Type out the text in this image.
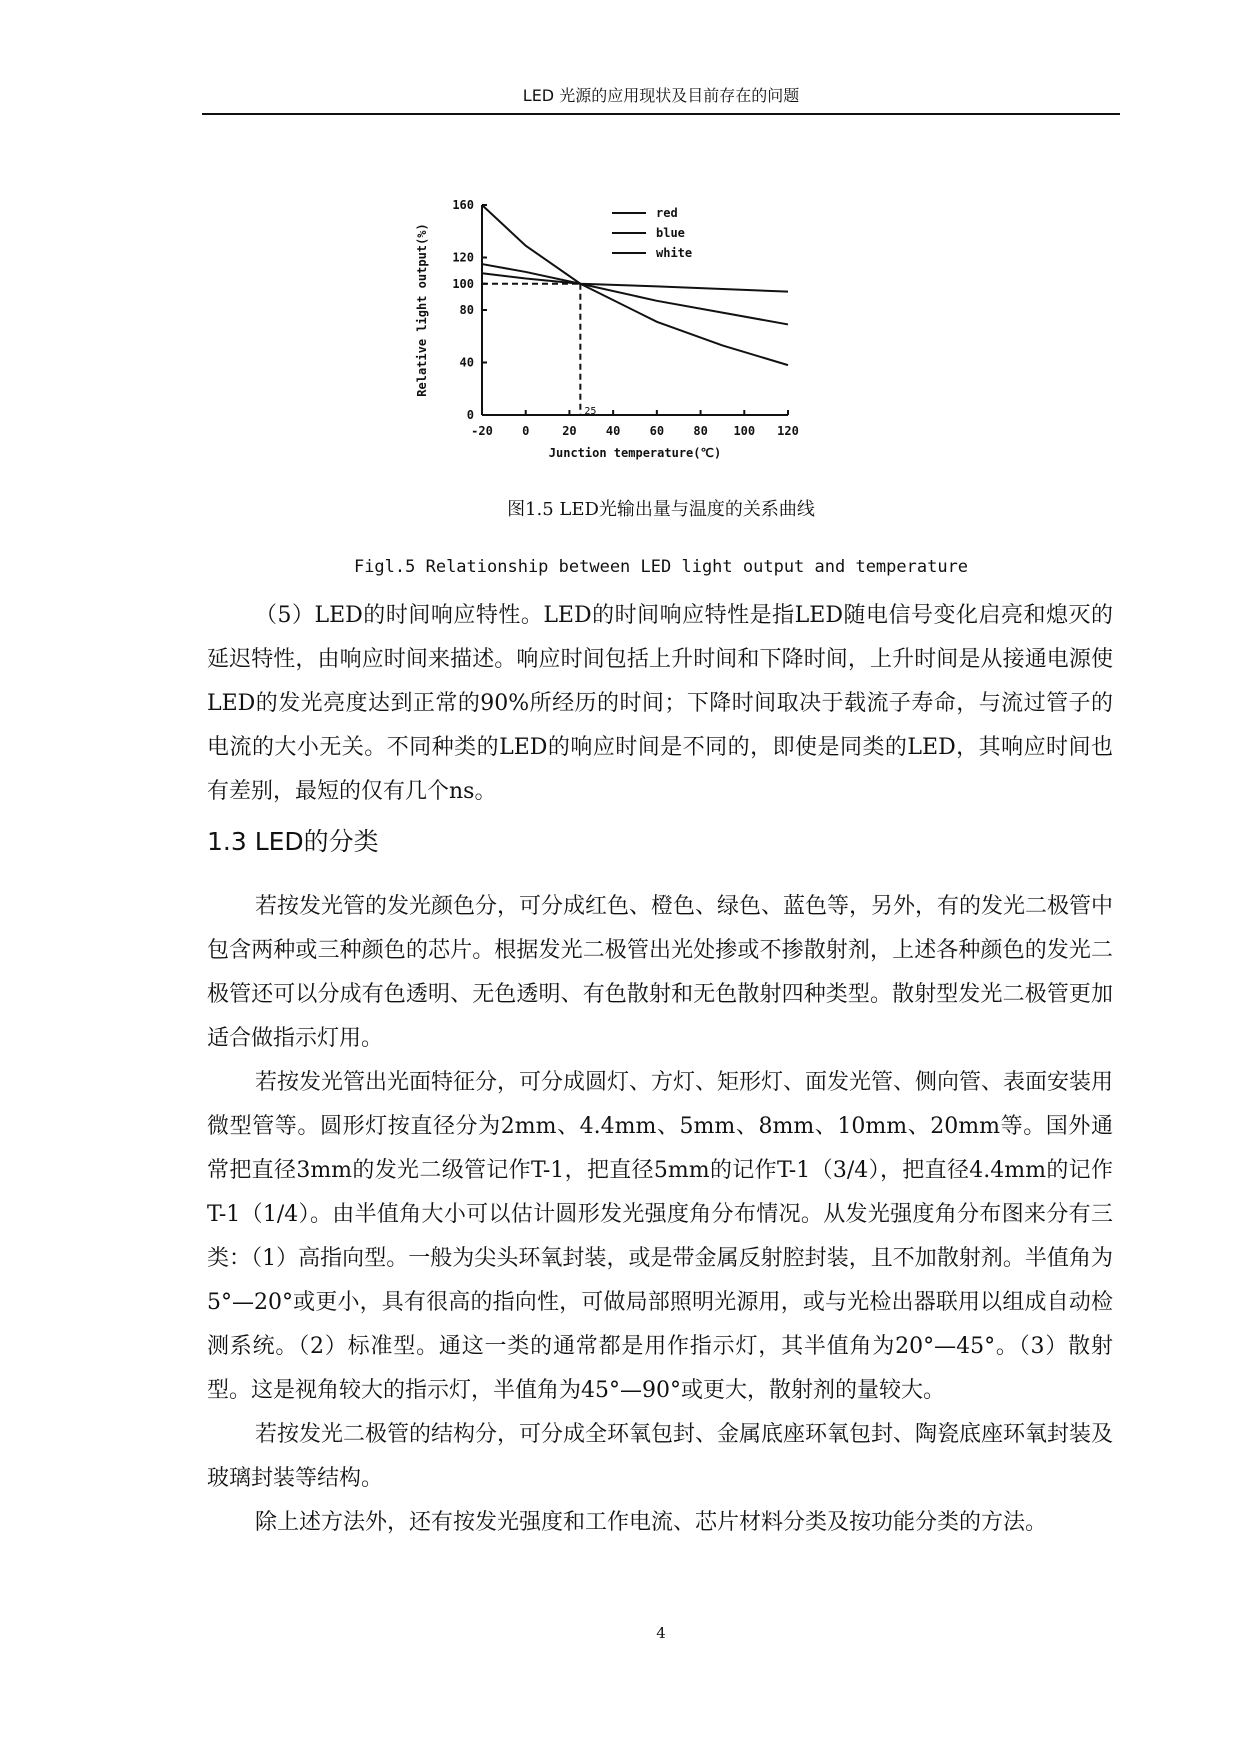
LED 光源的应用现状及目前存在的问题
-20 0	20 40 60 80 100 120
0
40
80
100
120
160
25
red
blue
white
Junction temperature(℃)
Relative light output(%)
图1.5 LED光输出量与温度的关系曲线
Figl.5 Relationship between LED light output and temperature

（5）LED的时间响应特性。LED的时间响应特性是指LED随电信号变化启亮和熄灭的延迟特性，由响应时间来描述。响应时间包括上升时间和下降时间，上升时间是从接通电源使LED的发光亮度达到正常的90%所经历的时间；下降时间取决于载流子寿命，与流过管子的电流的大小无关。不同种类的LED的响应时间是不同的，即使是同类的LED，其响应时间也有差别，最短的仅有几个ns。

1.3 LED的分类

若按发光管的发光颜色分，可分成红色、橙色、绿色、蓝色等，另外，有的发光二极管中包含两种或三种颜色的芯片。根据发光二极管出光处掺或不掺散射剂，上述各种颜色的发光二极管还可以分成有色透明、无色透明、有色散射和无色散射四种类型。散射型发光二极管更加适合做指示灯用。

若按发光管出光面特征分，可分成圆灯、方灯、矩形灯、面发光管、侧向管、表面安装用微型管等。圆形灯按直径分为2mm、4.4mm、5mm、8mm、10mm、20mm等。国外通常把直径3mm的发光二级管记作T-1，把直径5mm的记作T-1（3/4），把直径4.4mm的记作T-1（1/4）。由半值角大小可以估计圆形发光强度角分布情况。从发光强度角分布图来分有三类：（1）高指向型。一般为尖头环氧封装，或是带金属反射腔封装，且不加散射剂。半值角为5°—20°或更小，具有很高的指向性，可做局部照明光源用，或与光检出器联用以组成自动检测系统。（2）标准型。通这一类的通常都是用作指示灯，其半值角为20°—45°。（3）散射型。这是视角较大的指示灯，半值角为45°—90°或更大，散射剂的量较大。

若按发光二极管的结构分，可分成全环氧包封、金属底座环氧包封、陶瓷底座环氧封装及玻璃封装等结构。

除上述方法外，还有按发光强度和工作电流、芯片材料分类及按功能分类的方法。

4
